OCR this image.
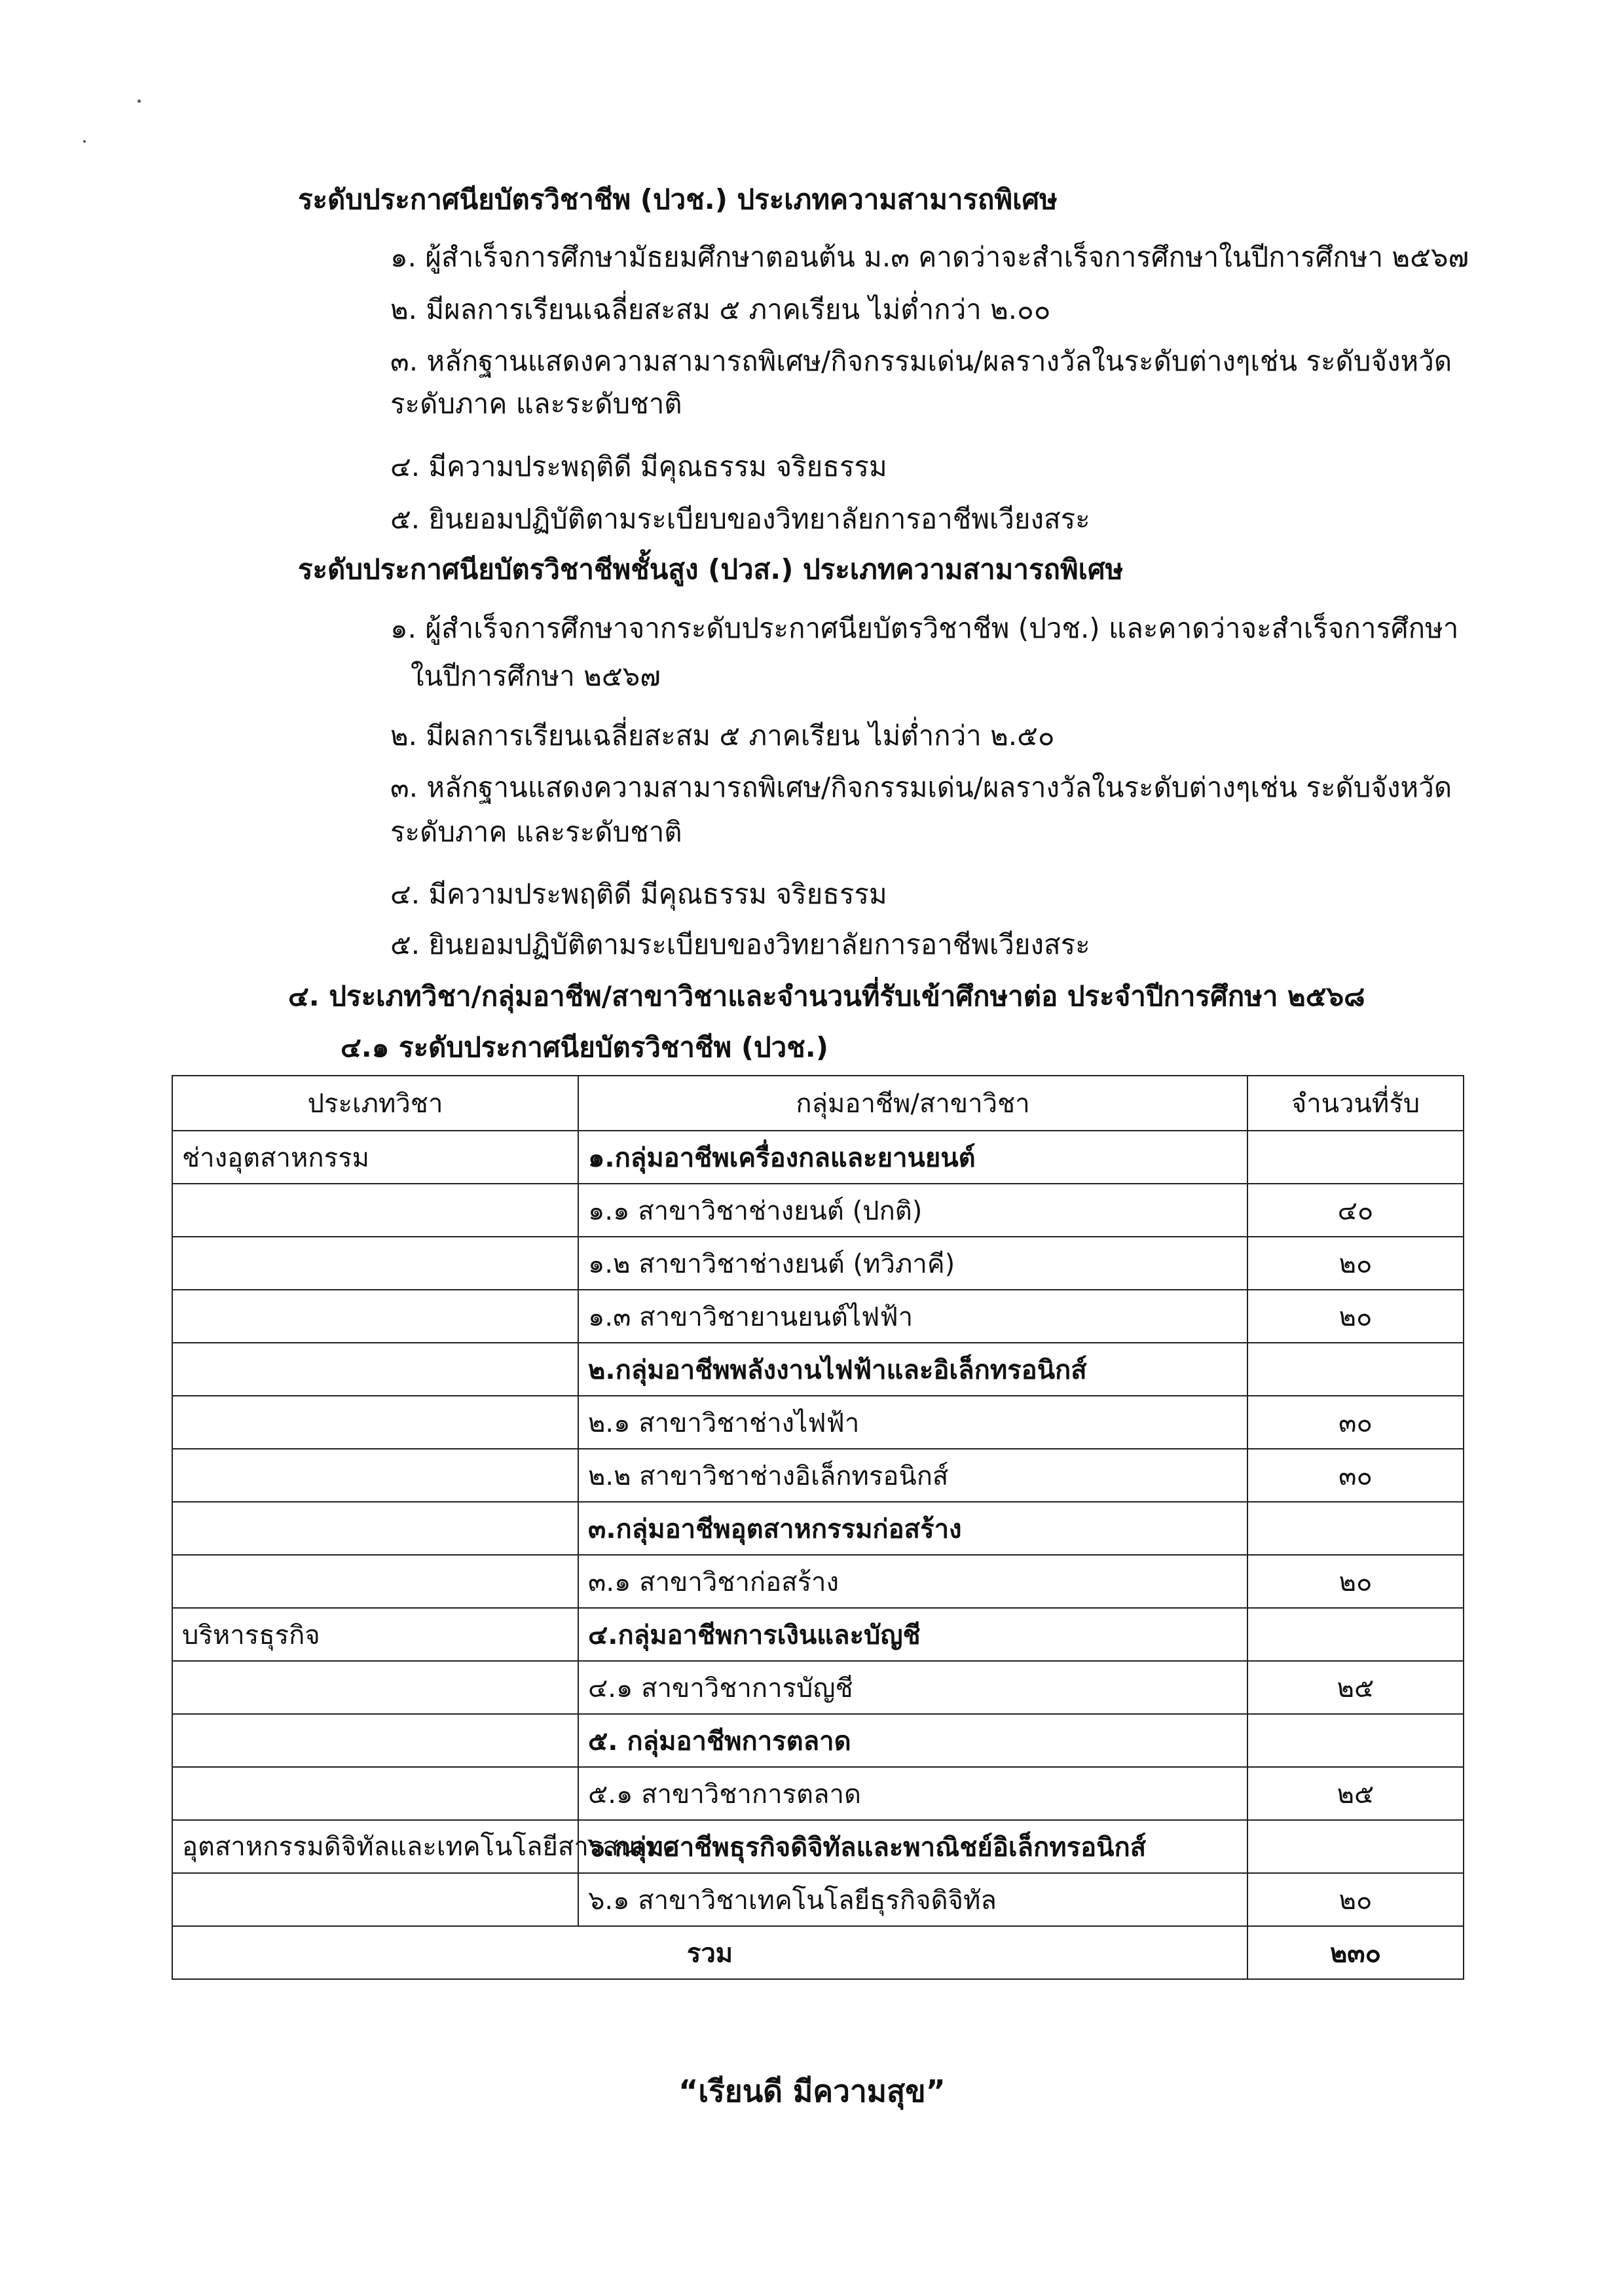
ระดับประกาศนียบัตรวิชาชีพ (ปวช.) ประเภทความสามารถพิเศษ
๑. ผู้สำเร็จการศึกษามัธยมศึกษาตอนต้น ม.๓ คาดว่าจะสำเร็จการศึกษาในปีการศึกษา ๒๕๖๗
๒. มีผลการเรียนเฉลี่ยสะสม ๕ ภาคเรียน ไม่ต่ำกว่า ๒.๐๐
๓. หลักฐานแสดงความสามารถพิเศษ/กิจกรรมเด่น/ผลรางวัลในระดับต่างๆเช่น ระดับจังหวัด
ระดับภาค และระดับชาติ
๔. มีความประพฤติดี มีคุณธรรม จริยธรรม
๕. ยินยอมปฏิบัติตามระเบียบของวิทยาลัยการอาชีพเวียงสระ
ระดับประกาศนียบัตรวิชาชีพชั้นสูง (ปวส.) ประเภทความสามารถพิเศษ
๑. ผู้สำเร็จการศึกษาจากระดับประกาศนียบัตรวิชาชีพ (ปวช.) และคาดว่าจะสำเร็จการศึกษา
ในปีการศึกษา ๒๕๖๗
๒. มีผลการเรียนเฉลี่ยสะสม ๕ ภาคเรียน ไม่ต่ำกว่า ๒.๕๐
๓. หลักฐานแสดงความสามารถพิเศษ/กิจกรรมเด่น/ผลรางวัลในระดับต่างๆเช่น ระดับจังหวัด
ระดับภาค และระดับชาติ
๔. มีความประพฤติดี มีคุณธรรม จริยธรรม
๕. ยินยอมปฏิบัติตามระเบียบของวิทยาลัยการอาชีพเวียงสระ
๔. ประเภทวิชา/กลุ่มอาชีพ/สาขาวิชาและจำนวนที่รับเข้าศึกษาต่อ ประจำปีการศึกษา ๒๕๖๘
๔.๑ ระดับประกาศนียบัตรวิชาชีพ (ปวช.)
ประเภทวิชา	กลุ่มอาชีพ/สาขาวิชา	จำนวนที่รับ
ช่างอุตสาหกรรม	๑.กลุ่มอาชีพเครื่องกลและยานยนต์	
	๑.๑ สาขาวิชาช่างยนต์ (ปกติ)	๔๐
	๑.๒ สาขาวิชาช่างยนต์ (ทวิภาคี)	๒๐
	๑.๓ สาขาวิชายานยนต์ไฟฟ้า	๒๐
	๒.กลุ่มอาชีพพลังงานไฟฟ้าและอิเล็กทรอนิกส์	
	๒.๑ สาขาวิชาช่างไฟฟ้า	๓๐
	๒.๒ สาขาวิชาช่างอิเล็กทรอนิกส์	๓๐
	๓.กลุ่มอาชีพอุตสาหกรรมก่อสร้าง	
	๓.๑ สาขาวิชาก่อสร้าง	๒๐
บริหารธุรกิจ	๔.กลุ่มอาชีพการเงินและบัญชี	
	๔.๑ สาขาวิชาการบัญชี	๒๕
	๕. กลุ่มอาชีพการตลาด	
	๕.๑ สาขาวิชาการตลาด	๒๕
อุตสาหกรรมดิจิทัลและเทคโนโลยีสารสนเทศ	๖.กลุ่มอาชีพธุรกิจดิจิทัลและพาณิชย์อิเล็กทรอนิกส์	
	๖.๑ สาขาวิชาเทคโนโลยีธุรกิจดิจิทัล	๒๐
รวม		๒๓๐
“เรียนดี มีความสุข”
